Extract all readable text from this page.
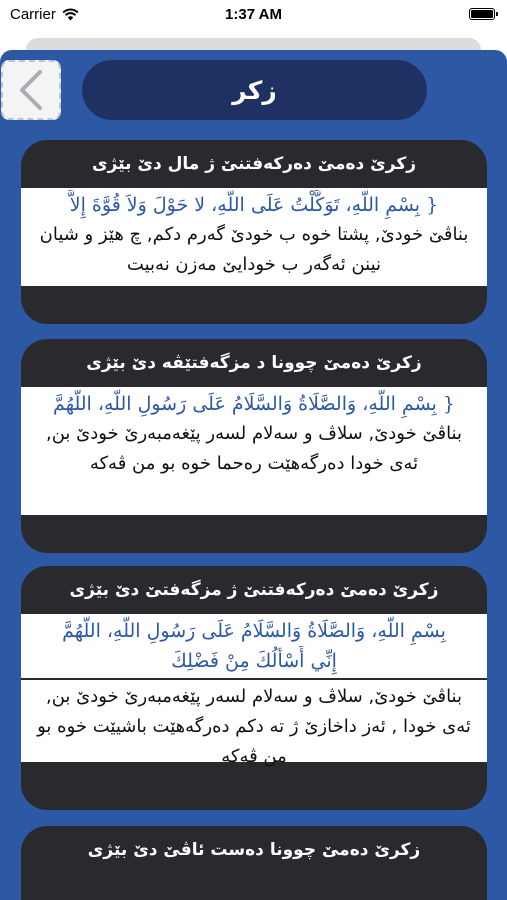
Carrier	1:37 AM
زكر
زکرێ دەمێ دەرکەفتنێ ژ مال دێ بێژی
{ بِسْمِ اللَّهِ، تَوَكَّلْتُ عَلَى اللَّهِ، لا حَوْلَ وَلاَ قُوَّةَ إِلاَّ
بناڤێ خودێ, پشتا خوە ب خودێ گەرم دکم, چ هێز و شیان نینن ئەگەر ب خودایێ مەزن نەبیت
زکرێ دەمێ چوونا د مزگەفتێڤە دێ بێژی
{ بِسْمِ اللَّهِ، وَالصَّلَاةُ وَالسَّلَامُ عَلَى رَسُولِ اللَّهِ، اللَّهُمَّ
بناڤێ خودێ, سلاڤ و سەلام لسەر پێغەمبەرێ خودێ بن, ئەی خودا دەرگەهێت رەحما خوە بو من ڤەکە
زکرێ دەمێ دەرکەفتنێ ژ مزگەفتێ دێ بێژی
بِسْمِ اللَّهِ، وَالصَّلَاةُ وَالسَّلَامُ عَلَى رَسُولِ اللَّهِ، اللَّهُمَّ
إِنِّي أَسْأَلُكَ مِنْ فَضْلِكَ
بناڤێ خودێ, سلاڤ و سەلام لسەر پێغەمبەرێ خودێ بن, ئەی خودا , ئەز داخازێ ژ تە دکم دەرگەهێت باشیێت خوە بو من ڤەکە
زکرێ دەمێ چوونا دەست ئاڤێ دێ بێژی
